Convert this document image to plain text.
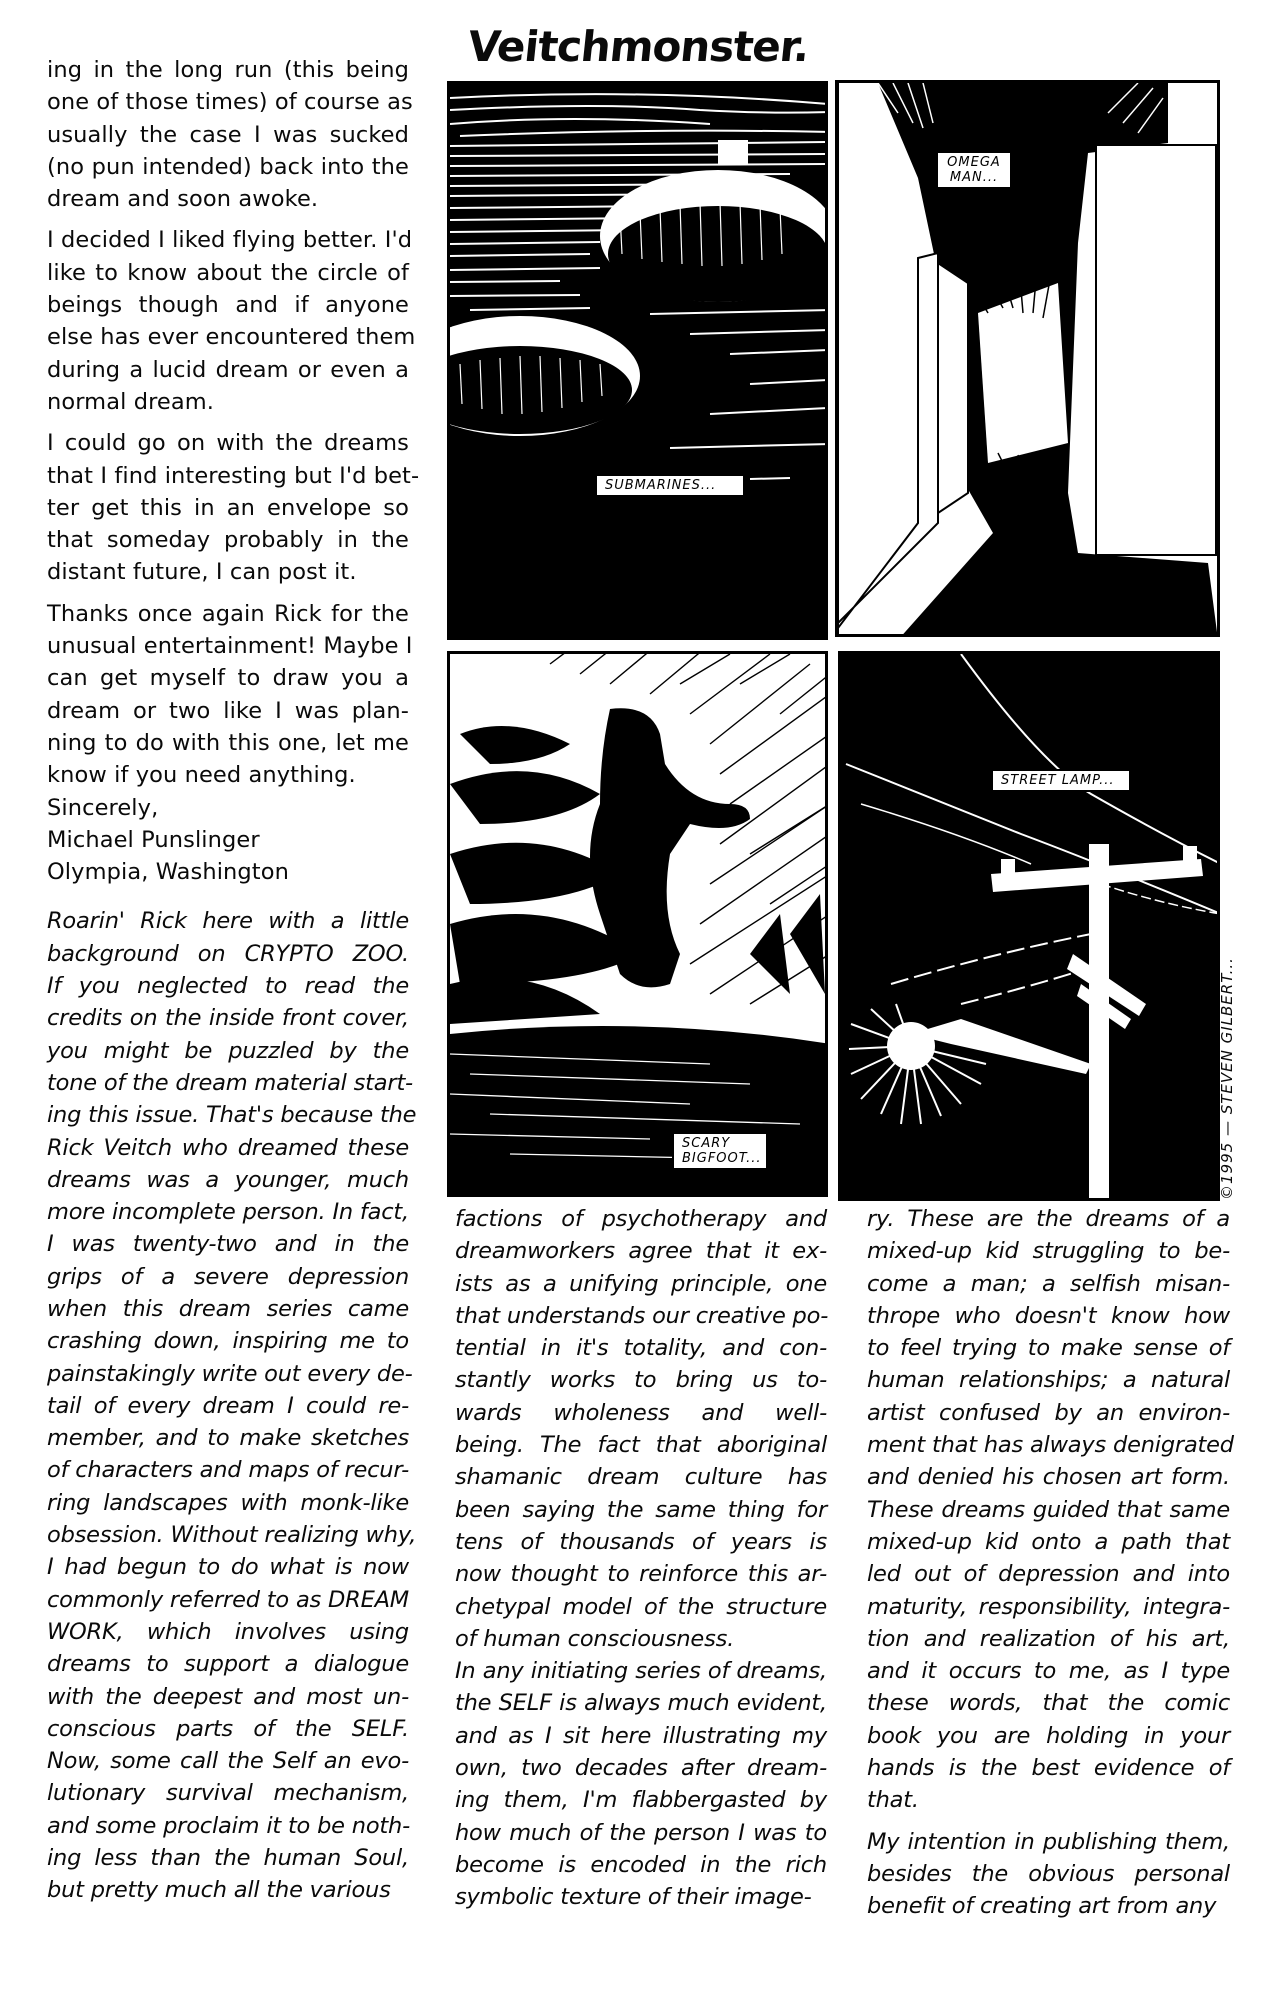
Veitchmonster.
ing in the long run (this being
one of those times) of course as
usually the case I was sucked
(no pun intended) back into the
dream and soon awoke.
I decided I liked flying better. I'd
like to know about the circle of
beings though and if anyone
else has ever encountered them
during a lucid dream or even a
normal dream.
I could go on with the dreams
that I find interesting but I'd bet-
ter get this in an envelope so
that someday probably in the
distant future, I can post it.
Thanks once again Rick for the
unusual entertainment! Maybe I
can get myself to draw you a
dream or two like I was plan-
ning to do with this one, let me
know if you need anything.
Sincerely,
Michael Punslinger
Olympia, Washington
Roarin' Rick here with a little
background on CRYPTO ZOO.
If you neglected to read the
credits on the inside front cover,
you might be puzzled by the
tone of the dream material start-
ing this issue. That's because the
Rick Veitch who dreamed these
dreams was a younger, much
more incomplete person. In fact,
I was twenty-two and in the
grips of a severe depression
when this dream series came
crashing down, inspiring me to
painstakingly write out every de-
tail of every dream I could re-
member, and to make sketches
of characters and maps of recur-
ring landscapes with monk-like
obsession. Without realizing why,
I had begun to do what is now
commonly referred to as DREAM
WORK, which involves using
dreams to support a dialogue
with the deepest and most un-
conscious parts of the SELF.
Now, some call the Self an evo-
lutionary survival mechanism,
and some proclaim it to be noth-
ing less than the human Soul,
but pretty much all the various
SUBMARINES...
OMEGA
MAN...
SCARY
BIGFOOT...
STREET LAMP...
©1995 — STEVEN GILBERT...
factions of psychotherapy and
dreamworkers agree that it ex-
ists as a unifying principle, one
that understands our creative po-
tential in it's totality, and con-
stantly works to bring us to-
wards wholeness and well-
being. The fact that aboriginal
shamanic dream culture has
been saying the same thing for
tens of thousands of years is
now thought to reinforce this ar-
chetypal model of the structure
of human consciousness.
In any initiating series of dreams,
the SELF is always much evident,
and as I sit here illustrating my
own, two decades after dream-
ing them, I'm flabbergasted by
how much of the person I was to
become is encoded in the rich
symbolic texture of their image-
ry. These are the dreams of a
mixed-up kid struggling to be-
come a man; a selfish misan-
thrope who doesn't know how
to feel trying to make sense of
human relationships; a natural
artist confused by an environ-
ment that has always denigrated
and denied his chosen art form.
These dreams guided that same
mixed-up kid onto a path that
led out of depression and into
maturity, responsibility, integra-
tion and realization of his art,
and it occurs to me, as I type
these words, that the comic
book you are holding in your
hands is the best evidence of
that.
My intention in publishing them,
besides the obvious personal
benefit of creating art from any
